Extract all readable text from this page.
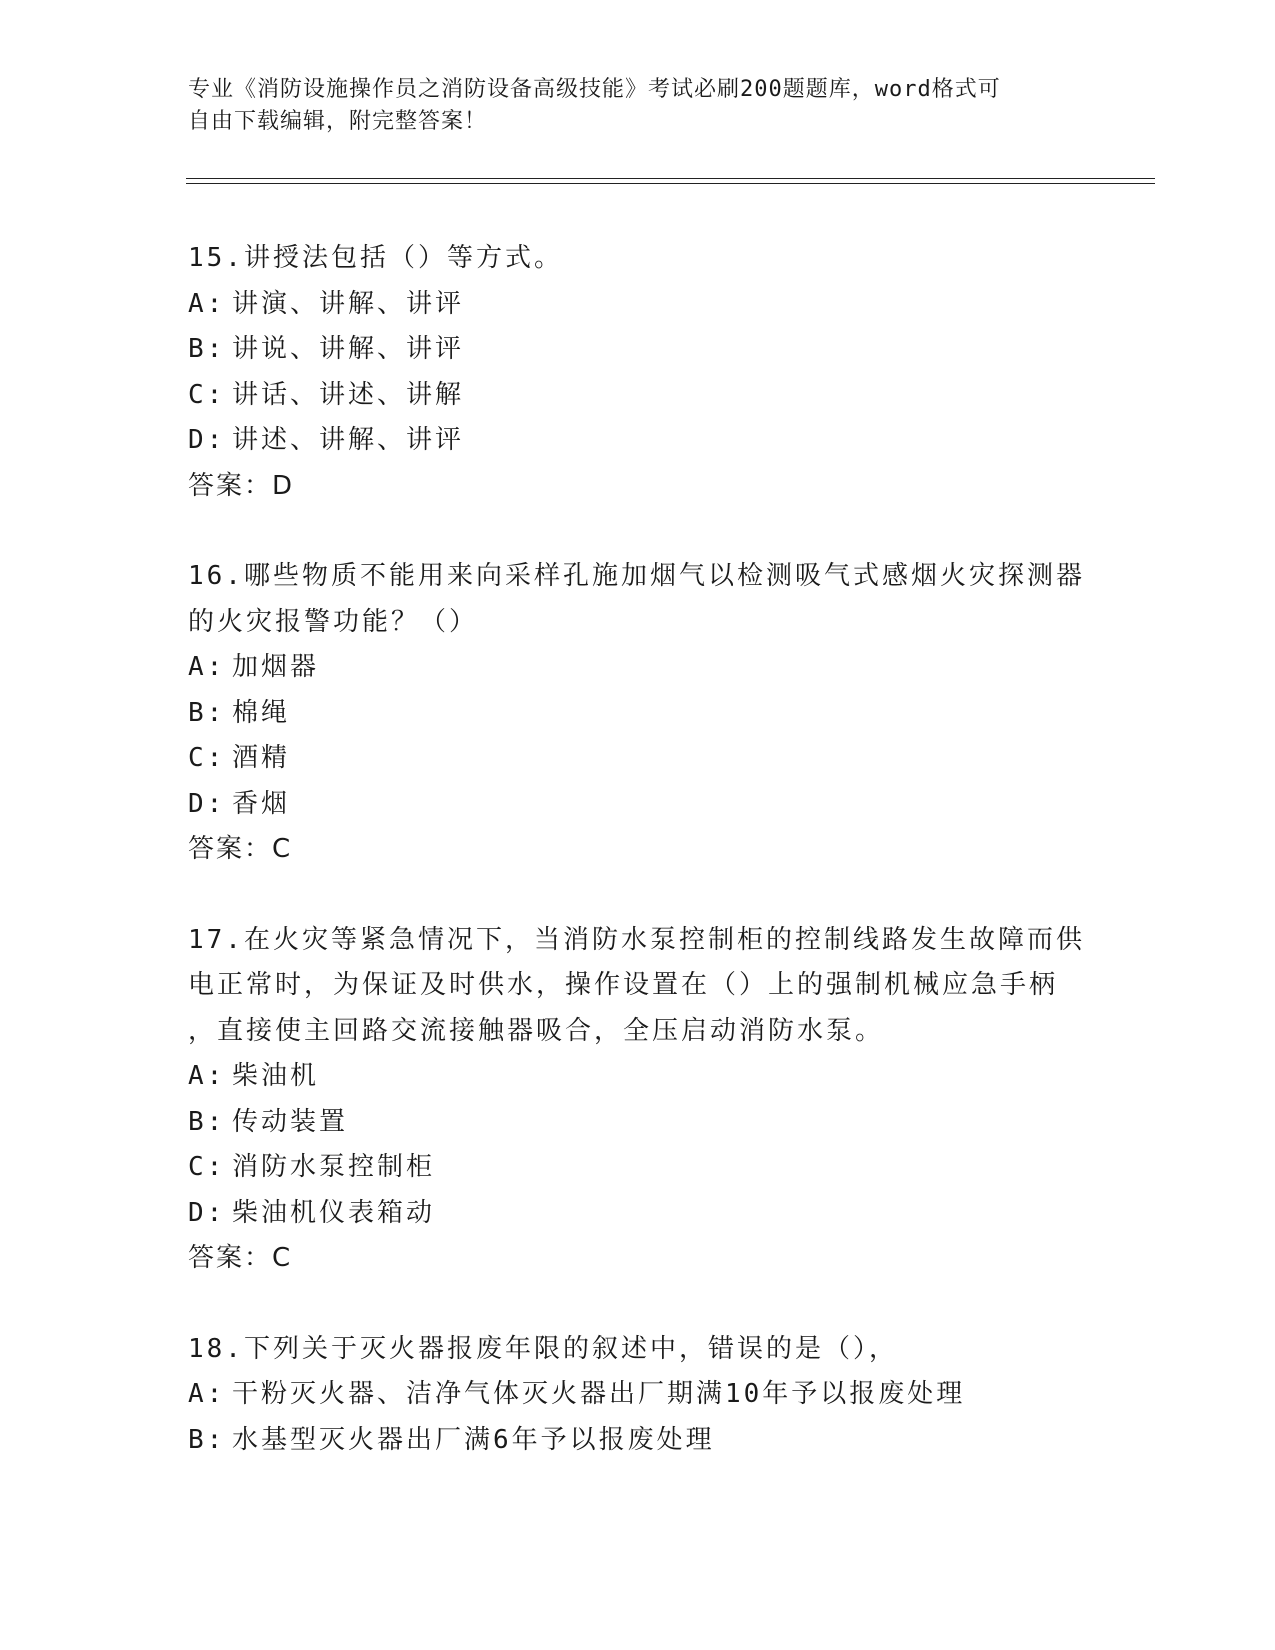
专业《消防设施操作员之消防设备高级技能》考试必刷200题题库，word格式可
自由下载编辑，附完整答案！
15.讲授法包括（）等方式。
A: 讲演、讲解、讲评
B: 讲说、讲解、讲评
C: 讲话、讲述、讲解
D: 讲述、讲解、讲评
答案：D
16.哪些物质不能用来向采样孔施加烟气以检测吸气式感烟火灾探测器
的火灾报警功能？（）
A: 加烟器
B: 棉绳
C: 酒精
D: 香烟
答案：C
17.在火灾等紧急情况下，当消防水泵控制柜的控制线路发生故障而供
电正常时，为保证及时供水，操作设置在（）上的强制机械应急手柄
，直接使主回路交流接触器吸合，全压启动消防水泵。
A: 柴油机
B: 传动装置
C: 消防水泵控制柜
D: 柴油机仪表箱动
答案：C
18.下列关于灭火器报废年限的叙述中，错误的是（），
A: 干粉灭火器、洁净气体灭火器出厂期满10年予以报废处理
B: 水基型灭火器出厂满6年予以报废处理
